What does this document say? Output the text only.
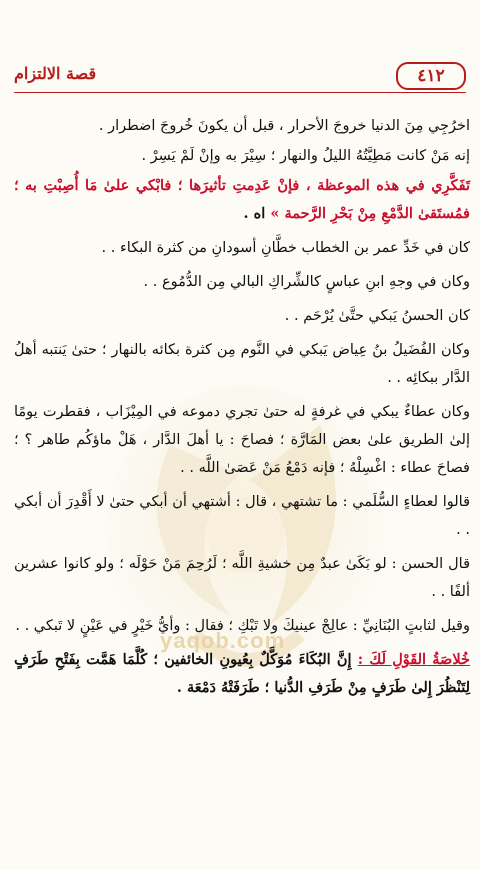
٤١٢
قصة الالتزام
yaqob.com

اخرُجِي مِنَ الدنيا خروجَ الأحرار ، قبل أن يكونَ خُروجَ اضطرار .

إنه مَنْ كانت مَطِيَّتُهُ الليلُ والنهار ؛ سِيْرَ به وإنْ لَمْ يَسِرْ .

تَفَكَّرِي في هذه الموعظة ، فإنْ عَدِمتِ تأثيرَها ؛ فابْكي علىٰ مَا أُصِبْتِ به ؛ فمُستَقىٰ الدَّمْعِ مِنْ بَحْرِ الرَّحمة » اه .

كان في خَدِّ عمر بن الخطاب خطَّانِ أسودانِ من كثرة البكاء . .

وكان في وجهِ ابنِ عباسٍ كالشِّراكِ البالي مِن الدُّمُوع . .

كان الحسنُ يَبكي حتَّىٰ يُرْحَم . .

وكان الفُضَيلُ بنُ عِياض يَبكي في النَّوم مِن كثرة بكائه بالنهار ؛ حتىٰ يَنتبه أهلُ الدَّار ببكائِه . .

وكان عطاءٌ يبكي في غرفةٍ له حتىٰ تجري دموعه في المِيْزَاب ، فقطرت يومًا إلىٰ الطريق علىٰ بعض المَارَّة ؛ فصاحَ : يا أهلَ الدَّار ، هَلْ ماؤكُم طاهر ؟ ؛ فصاحَ عطاء : اغْسِلْهُ ؛ فإنه دَمْعُ مَنْ عَصَىٰ اللَّه . .

قالوا لعطاءٍ السُّلَمي : ما تشتهي ، قال : أشتهي أن أبكي حتىٰ لا أَقْدِرَ أن أبكي . .

قال الحسن : لو بَكَىٰ عبدٌ مِن خشيةِ اللَّه ؛ لَرُحِمَ مَنْ حَوْلَه ؛ ولو كانوا عشرين ألفًا . .

وقيل لثابتٍ البُنَانِيِّ : عالِجْ عينيكَ ولا تَبْكِ ؛ فقال : وأيُّ خَيْرٍ في عَيْنٍ لا تَبكي . .

خُلاصَةُ القَوْلِ لَكَ : إِنَّ البُكَاءَ مُوَكَّلٌ بِعُيونِ الخائفين ؛ كُلَّمَا هَمَّت بِفَتْحِ طَرَفٍ لِتَنْظُرَ إِلىٰ طَرَفٍ مِنْ طَرَفِ الدُّنيا ؛ طَرَفَتْهُ دَمْعَة .
